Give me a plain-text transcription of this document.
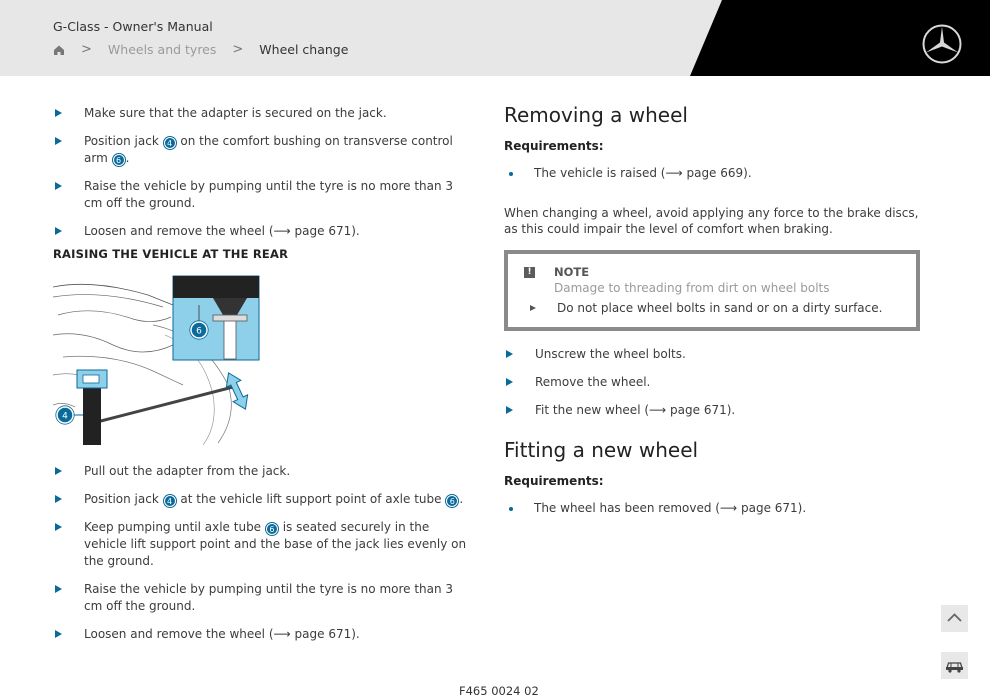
G-Class - Owner's Manual
> Wheels and tyres > Wheel change
Make sure that the adapter is secured on the jack.
Position jack 4 on the comfort bushing on transverse control arm 6 .
Raise the vehicle by pumping until the tyre is no more than 3 cm off the ground.
Loosen and remove the wheel (⟶ page 671).
RAISING THE VEHICLE AT THE REAR
6
4
Pull out the adapter from the jack.
Position jack 4 at the vehicle lift support point of axle tube 6 .
Keep pumping until axle tube 6 is seated securely in the vehicle lift support point and the base of the jack lies evenly on the ground.
Raise the vehicle by pumping until the tyre is no more than 3 cm off the ground.
Loosen and remove the wheel (⟶ page 671).
Removing a wheel
Requirements:
The vehicle is raised (⟶ page 669).

When changing a wheel, avoid applying any force to the brake discs, as this could impair the level of comfort when braking.

!	NOTE
Damage to threading from dirt on wheel bolts
Do not place wheel bolts in sand or on a dirty surface.
Unscrew the wheel bolts.
Remove the wheel.
Fit the new wheel (⟶ page 671).
Fitting a new wheel
Requirements:
The wheel has been removed (⟶ page 671).
F465 0024 02
